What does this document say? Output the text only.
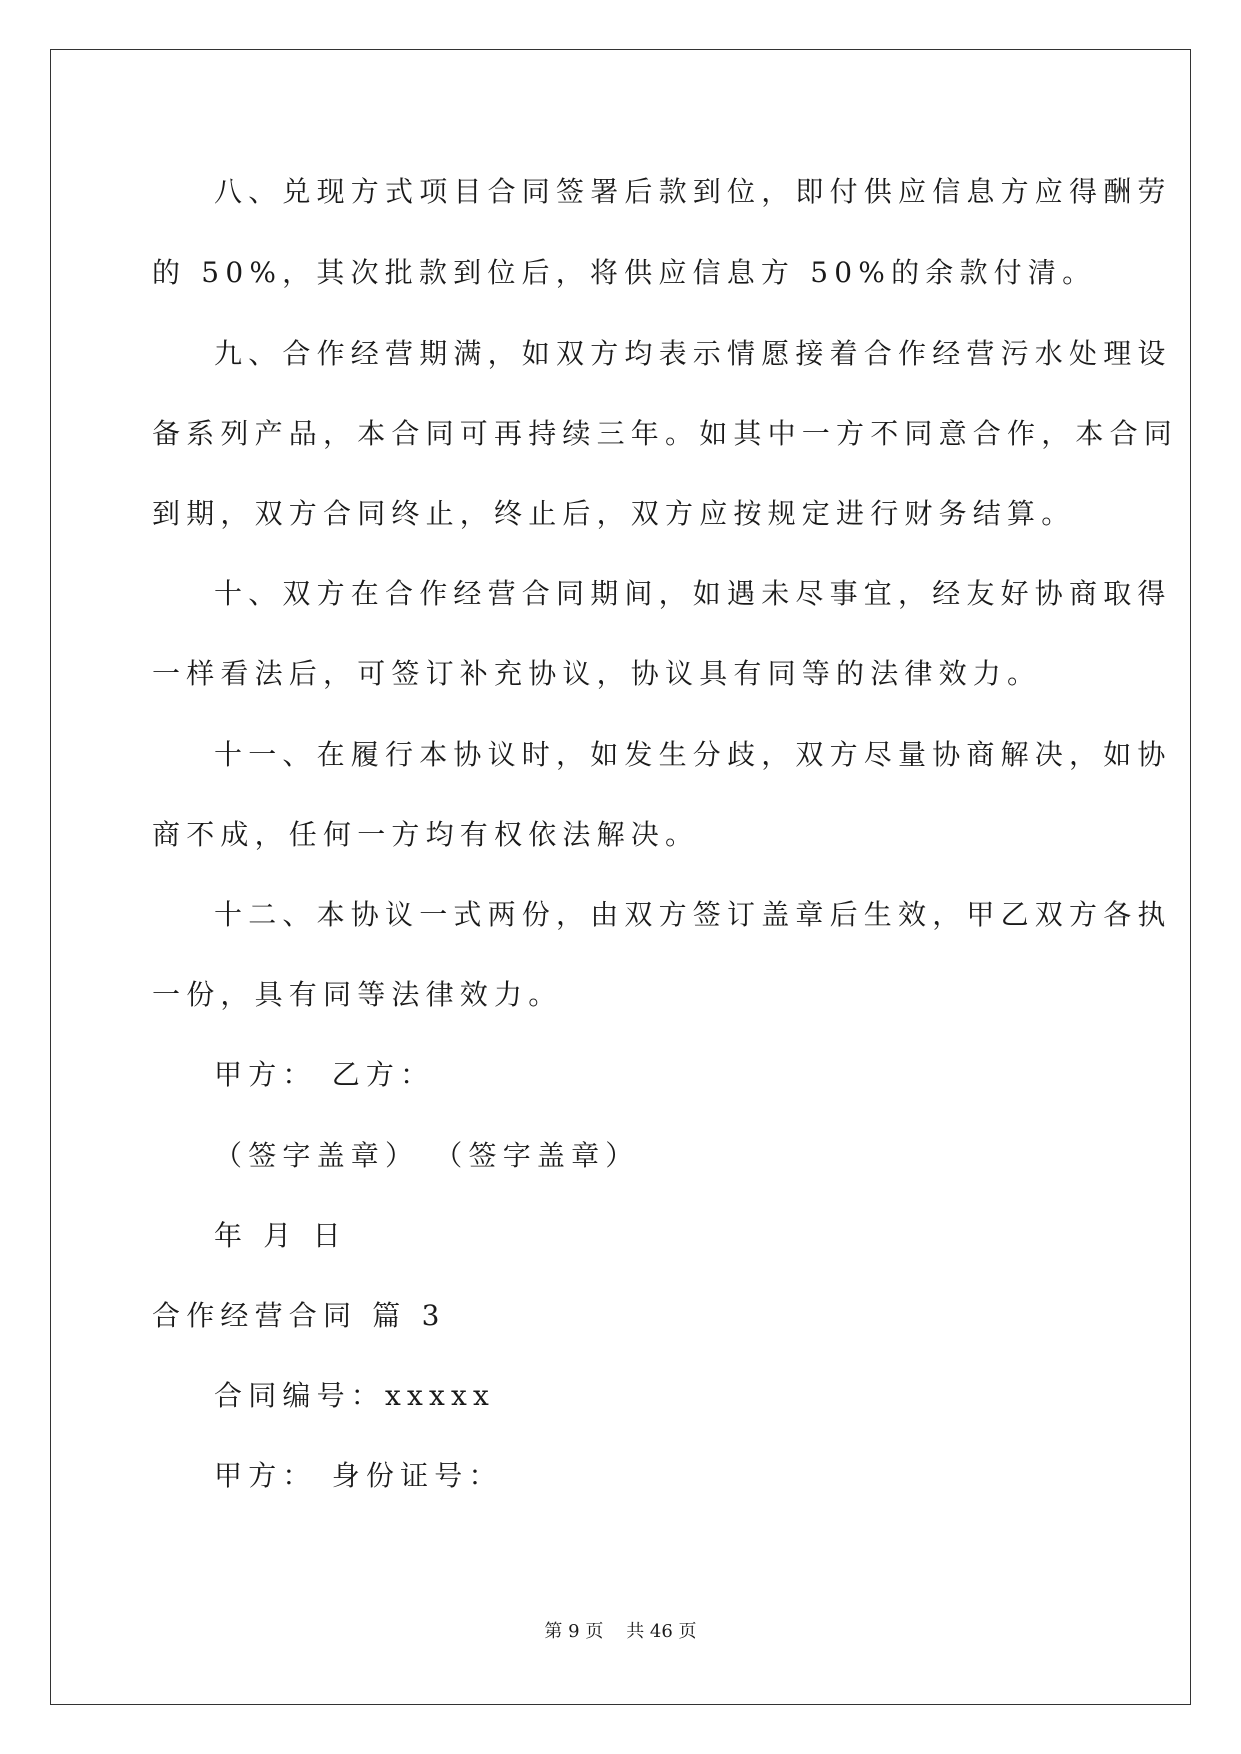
八、兑现方式项目合同签署后款到位，即付供应信息方应得酬劳
的 50%，其次批款到位后，将供应信息方 50%的余款付清。
九、合作经营期满，如双方均表示情愿接着合作经营污水处理设
备系列产品，本合同可再持续三年。如其中一方不同意合作，本合同
到期，双方合同终止，终止后，双方应按规定进行财务结算。
十、双方在合作经营合同期间，如遇未尽事宜，经友好协商取得
一样看法后，可签订补充协议，协议具有同等的法律效力。
十一、在履行本协议时，如发生分歧，双方尽量协商解决，如协
商不成，任何一方均有权依法解决。
十二、本协议一式两份，由双方签订盖章后生效，甲乙双方各执
一份，具有同等法律效力。
甲方： 乙方：
（签字盖章） （签字盖章）
年 月 日
合作经营合同 篇 3
合同编号：xxxxx
甲方： 身份证号：
第 9 页    共 46 页
